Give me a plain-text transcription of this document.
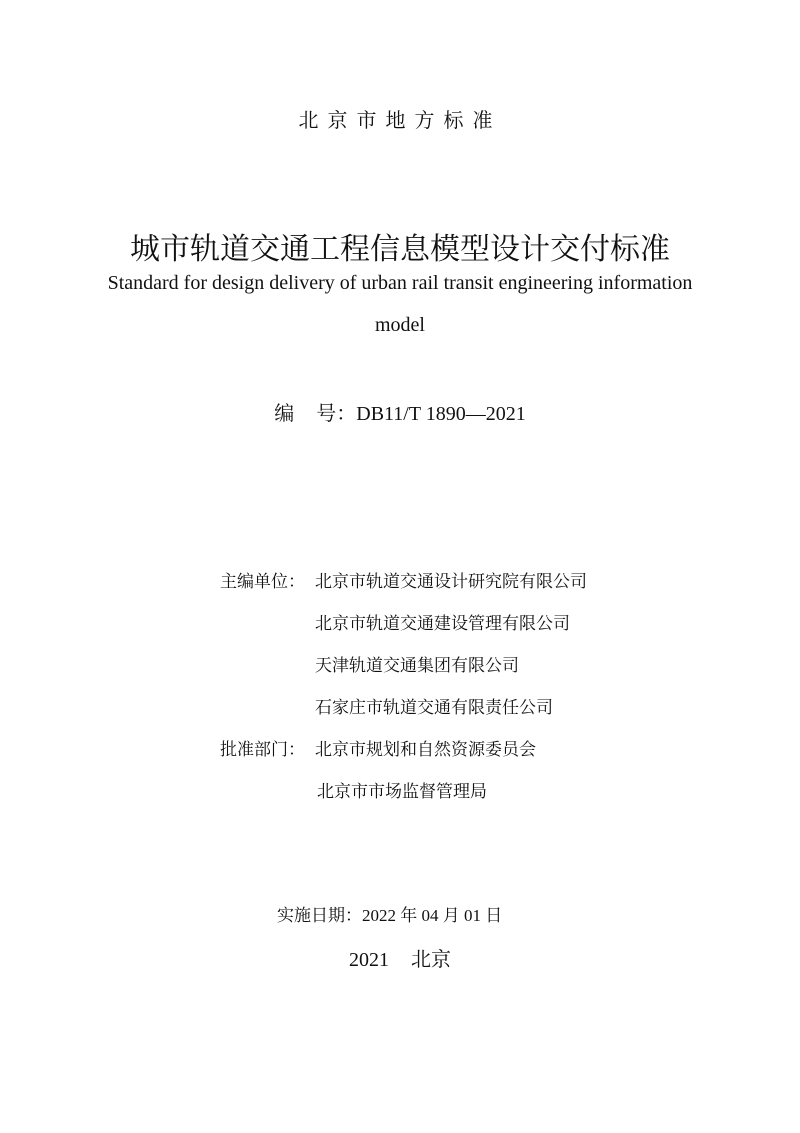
北京市地方标准
城市轨道交通工程信息模型设计交付标准
Standard for design delivery of urban rail transit engineering information
model
编号：DB11/T 1890—2021
主编单位： 北京市轨道交通设计研究院有限公司
北京市轨道交通建设管理有限公司
天津轨道交通集团有限公司
石家庄市轨道交通有限责任公司
批准部门： 北京市规划和自然资源委员会
北京市市场监督管理局
实施日期：2022 年 04 月 01 日
2021 北京
